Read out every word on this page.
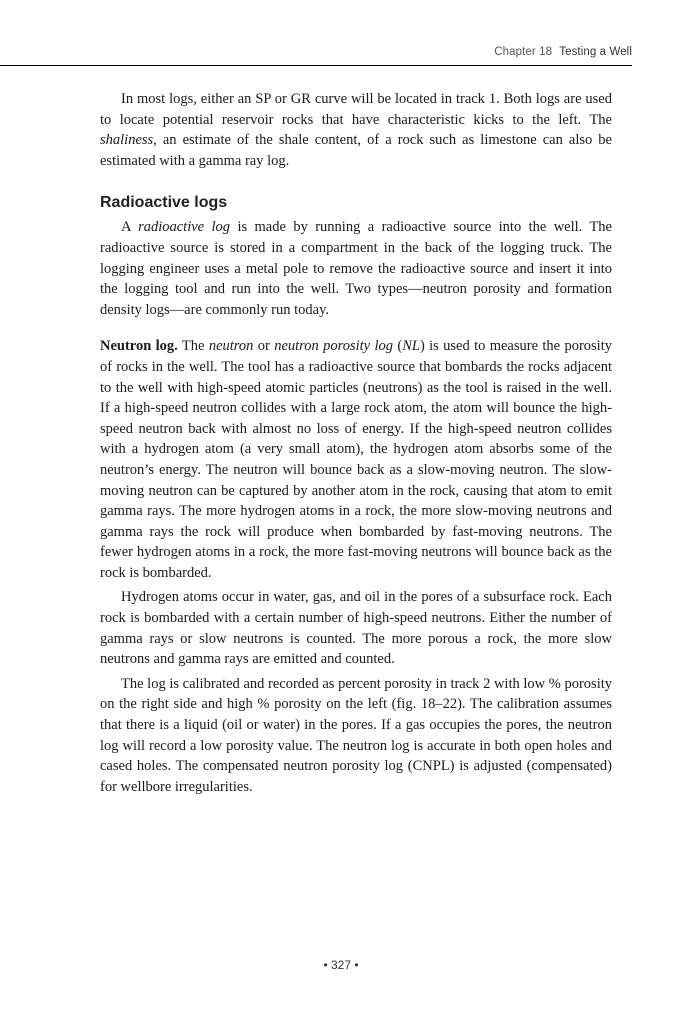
Chapter 18 Testing a Well

In most logs, either an SP or GR curve will be located in track 1. Both logs are used to locate potential reservoir rocks that have characteristic kicks to the left. The shaliness, an estimate of the shale content, of a rock such as limestone can also be estimated with a gamma ray log.

Radioactive logs

A radioactive log is made by running a radioactive source into the well. The radioactive source is stored in a compartment in the back of the logging truck. The logging engineer uses a metal pole to remove the radioactive source and insert it into the logging tool and run into the well. Two types—neutron porosity and formation density logs—are commonly run today.

Neutron log. The neutron or neutron porosity log (NL) is used to measure the porosity of rocks in the well. The tool has a radioactive source that bombards the rocks adjacent to the well with high-speed atomic particles (neutrons) as the tool is raised in the well. If a high-speed neutron collides with a large rock atom, the atom will bounce the high-speed neutron back with almost no loss of energy. If the high-speed neutron collides with a hydrogen atom (a very small atom), the hydrogen atom absorbs some of the neutron’s energy. The neutron will bounce back as a slow-moving neutron. The slow-moving neutron can be captured by another atom in the rock, causing that atom to emit gamma rays. The more hydrogen atoms in a rock, the more slow-moving neutrons and gamma rays the rock will produce when bombarded by fast-moving neutrons. The fewer hydrogen atoms in a rock, the more fast-moving neutrons will bounce back as the rock is bombarded.

Hydrogen atoms occur in water, gas, and oil in the pores of a subsurface rock. Each rock is bombarded with a certain number of high-speed neutrons. Either the number of gamma rays or slow neutrons is counted. The more porous a rock, the more slow neutrons and gamma rays are emitted and counted.

The log is calibrated and recorded as percent porosity in track 2 with low % porosity on the right side and high % porosity on the left (fig. 18–22). The calibration assumes that there is a liquid (oil or water) in the pores. If a gas occupies the pores, the neutron log will record a low porosity value. The neutron log is accurate in both open holes and cased holes. The compensated neutron porosity log (CNPL) is adjusted (compensated) for wellbore irregularities.

• 327 •
